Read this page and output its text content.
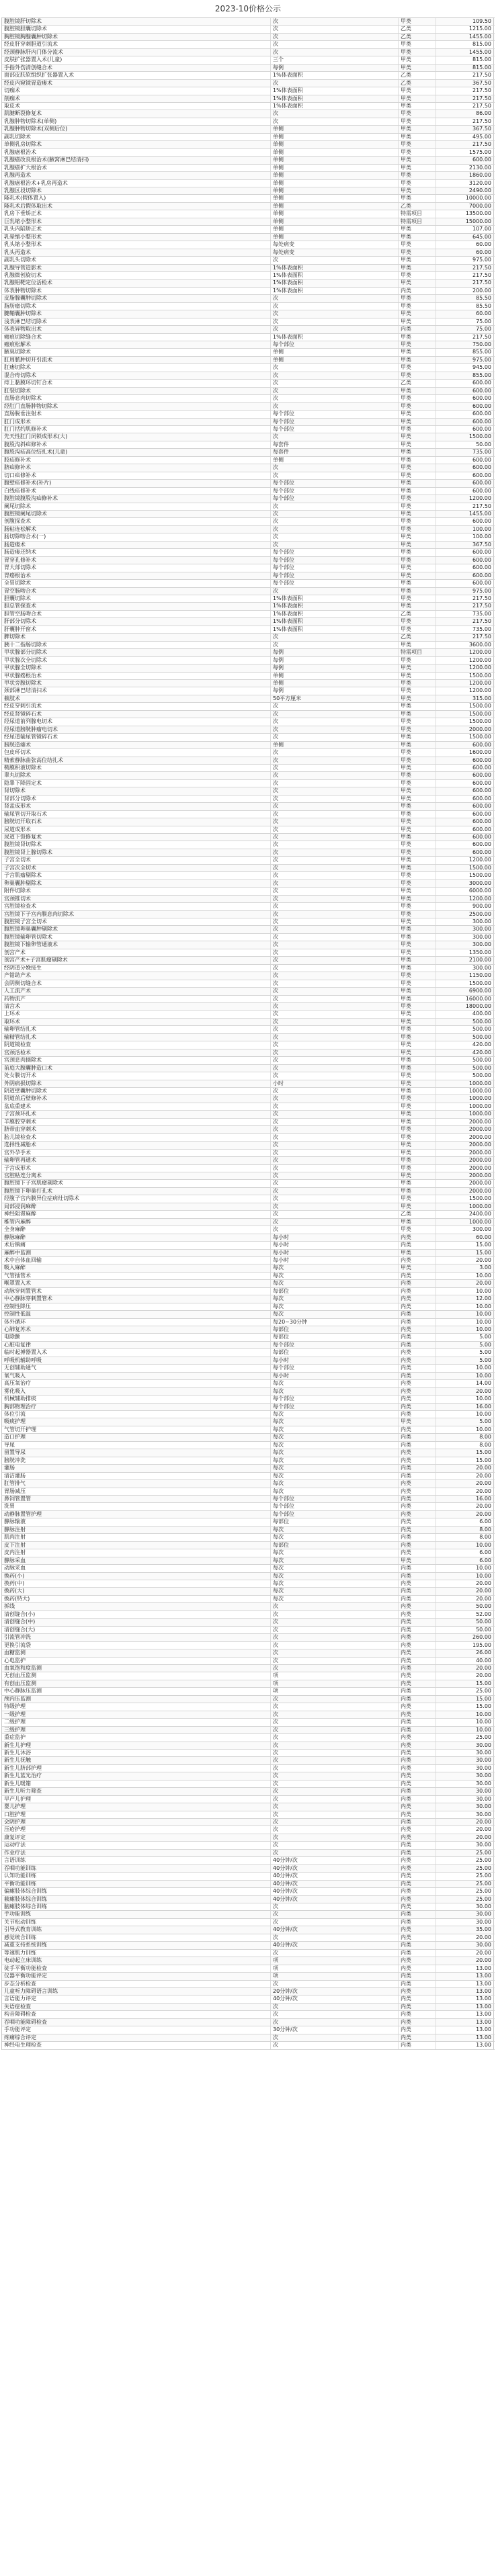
2023-10价格公示
腹腔镜肝切除术	次	甲类	109.50
腹腔镜胆囊切除术	次	乙类	1215.00
胸腔镜胸腺囊肿切除术	次	乙类	1455.00
经皮肝穿刺胆道引流术	次	甲类	815.00
经颈静脉肝内门体分流术	次	甲类	1455.00
皮肤扩张器置入术(儿童)	三个	甲类	815.00
手指外伤清创缝合术	每例	甲类	815.00
面部皮肤软组织扩张器置入术	1%体表面积	乙类	217.50
经皮内窥镜胃造瘘术	次	乙类	367.50
切痂术	1%体表面积	甲类	217.50
削痂术	1%体表面积	甲类	217.50
取皮术	1%体表面积	甲类	217.50
肌腱断裂修复术	次	甲类	86.00
乳腺肿物切除术(单侧)	次	甲类	217.50
乳腺肿物切除术(双侧后位)	单侧	甲类	367.50
副乳切除术	单侧	甲类	495.00
单侧乳房切除术	单侧	甲类	217.50
乳腺癌根治术	单侧	甲类	1575.00
乳腺癌改良根治术(腋窝淋巴结清扫)	单侧	甲类	600.00
乳腺癌扩大根治术	单侧	甲类	2130.00
乳腺再造术	单侧	甲类	1860.00
乳腺癌根治术+乳房再造术	单侧	甲类	3120.00
乳腺区段切除术	单侧	甲类	2490.00
隆乳术(假体置入)	单侧	甲类	10000.00
隆乳术后假体取出术	单侧	乙类	7000.00
乳房下垂矫正术	单侧	特需项目	13500.00
巨乳缩小整形术	单侧	特需项目	15000.00
乳头内陷矫正术	单侧	甲类	107.00
乳晕缩小整形术	单侧	甲类	645.00
乳头缩小整形术	每处病变	甲类	60.00
乳头再造术	每处病变	甲类	60.00
副乳头切除术	次	甲类	975.00
乳腺导管造影术	1%体表面积	甲类	217.50
乳腺微创旋切术	1%体表面积	甲类	217.50
乳腺钼靶定位活检术	1%体表面积	甲类	217.50
体表肿物切除术	1%体表面积	内类	200.00
皮脂腺囊肿切除术	次	甲类	85.50
脂肪瘤切除术	次	甲类	85.50
腱鞘囊肿切除术	次	甲类	60.00
浅表淋巴结切除术	次	甲类	75.00
体表异物取出术	次	内类	75.00
瘢痕切除缝合术	1%体表面积	甲类	217.50
瘢痕松解术	每个部位	甲类	750.00
腋臭切除术	单侧	甲类	855.00
肛周脓肿切开引流术	单侧	甲类	975.00
肛瘘切除术	次	甲类	945.00
混合痔切除术	次	甲类	855.00
痔上黏膜环切钉合术	次	乙类	600.00
肛裂切除术	次	甲类	600.00
直肠息肉切除术	次	甲类	600.00
经肛门直肠肿物切除术	次	甲类	600.00
直肠脱垂注射术	每个部位	甲类	600.00
肛门成形术	每个部位	甲类	600.00
肛门括约肌修补术	每个部位	甲类	600.00
先天性肛门闭锁成形术(大)	次	甲类	1500.00
腹股沟斜疝修补术	每套件	甲类	50.00
腹股沟疝高位结扎术(儿童)	每套件	甲类	735.00
股疝修补术	单侧	甲类	600.00
脐疝修补术	次	甲类	600.00
切口疝修补术	次	甲类	600.00
腹壁疝修补术(补片)	每个部位	甲类	600.00
白线疝修补术	每个部位	甲类	600.00
腹腔镜腹股沟疝修补术	每个部位	甲类	1200.00
阑尾切除术	次	甲类	217.50
腹腔镜阑尾切除术	次	甲类	1455.00
剖腹探查术	次	甲类	600.00
肠粘连松解术	次	甲类	100.00
肠切除吻合术(一)	次	甲类	100.00
肠造瘘术	次	甲类	367.50
肠造瘘还纳术	每个部位	甲类	600.00
胃穿孔修补术	每个部位	甲类	600.00
胃大部切除术	每个部位	甲类	600.00
胃癌根治术	每个部位	甲类	600.00
全胃切除术	每个部位	甲类	600.00
胃空肠吻合术	次	甲类	975.00
胆囊切除术	1%体表面积	甲类	217.50
胆总管探查术	1%体表面积	甲类	217.50
胆管空肠吻合术	1%体表面积	乙类	735.00
肝部分切除术	1%体表面积	甲类	217.50
肝囊肿开窗术	1%体表面积	甲类	735.00
脾切除术	次	乙类	217.50
胰十二指肠切除术	次	甲类	3600.00
甲状腺部分切除术	每例	特需项目	1200.00
甲状腺次全切除术	每例	甲类	1200.00
甲状腺全切除术	每例	甲类	1200.00
甲状腺癌根治术	单侧	甲类	1500.00
甲状旁腺切除术	单侧	甲类	1200.00
颈部淋巴结清扫术	每例	甲类	1200.00
截肢术	50平方厘米	甲类	315.00
经皮穿刺引流术	次	甲类	1500.00
经皮肾镜碎石术	次	甲类	1500.00
经尿道前列腺电切术	次	甲类	1500.00
经尿道膀胱肿瘤电切术	次	甲类	2000.00
经尿道输尿管镜碎石术	次	甲类	1500.00
膀胱造瘘术	单侧	甲类	600.00
包皮环切术	次	甲类	1600.00
精索静脉曲张高位结扎术	次	甲类	600.00
鞘膜积液切除术	次	甲类	600.00
睾丸切除术	次	甲类	600.00
隐睾下降固定术	次	甲类	600.00
肾切除术	次	甲类	600.00
肾部分切除术	次	甲类	600.00
肾盂成形术	次	甲类	600.00
输尿管切开取石术	次	甲类	600.00
膀胱切开取石术	次	甲类	600.00
尿道成形术	次	甲类	600.00
尿道下裂修复术	次	甲类	600.00
腹腔镜肾切除术	次	甲类	600.00
腹腔镜肾上腺切除术	次	甲类	600.00
子宫全切术	次	甲类	1200.00
子宫次全切术	次	甲类	1500.00
子宫肌瘤剔除术	次	甲类	1500.00
卵巢囊肿剔除术	次	甲类	3000.00
附件切除术	次	甲类	6000.00
宫颈锥切术	次	甲类	1200.00
宫腔镜检查术	次	甲类	900.00
宫腔镜下子宫内膜息肉切除术	次	甲类	2500.00
腹腔镜子宫全切术	次	甲类	300.00
腹腔镜卵巢囊肿剔除术	次	甲类	300.00
腹腔镜输卵管切除术	次	甲类	300.00
腹腔镜下输卵管通液术	次	甲类	300.00
剖宫产术	次	甲类	1350.00
剖宫产术+子宫肌瘤剔除术	次	甲类	2100.00
经阴道分娩接生	次	甲类	300.00
产钳助产术	次	甲类	1150.00
会阴侧切缝合术	次	甲类	1500.00
人工流产术	次	甲类	6900.00
药物流产	次	甲类	16000.00
清宫术	次	甲类	18000.00
上环术	次	甲类	400.00
取环术	次	甲类	500.00
输卵管结扎术	次	甲类	500.00
输精管结扎术	次	甲类	500.00
阴道镜检查	次	甲类	420.00
宫颈活检术	次	甲类	420.00
宫颈息肉摘除术	次	甲类	500.00
前庭大腺囊肿造口术	次	甲类	500.00
处女膜切开术	次	甲类	500.00
外阴病损切除术	小时	甲类	1000.00
阴道壁囊肿切除术	次	甲类	1000.00
阴道前后壁修补术	次	甲类	1000.00
盆底重建术	次	甲类	1000.00
子宫颈环扎术	次	甲类	1000.00
羊膜腔穿刺术	次	甲类	2000.00
脐带血穿刺术	次	甲类	2000.00
胎儿镜检查术	次	甲类	2000.00
选择性减胎术	次	甲类	2000.00
宫外孕手术	次	甲类	2000.00
输卵管再通术	次	甲类	2000.00
子宫成形术	次	甲类	2000.00
宫腔粘连分离术	次	甲类	2000.00
腹腔镜下子宫肌瘤剔除术	次	甲类	2000.00
腹腔镜下卵巢打孔术	次	甲类	2000.00
经腹子宫内膜异位症病灶切除术	次	甲类	1500.00
局部浸润麻醉	次	甲类	1000.00
神经阻滞麻醉	次	乙类	2400.00
椎管内麻醉	次	甲类	1000.00
全身麻醉	次	甲类	300.00
静脉麻醉	每小时	内类	60.00
术后镇痛	每小时	内类	15.00
麻醉中监测	每小时	甲类	15.00
术中自体血回输	每小时	内类	20.00
吸入麻醉	每次	甲类	3.00
气管插管术	每次	内类	10.00
喉罩置入术	每次	内类	20.00
动脉穿刺置管术	每部位	内类	10.00
中心静脉穿刺置管术	每次	内类	12.00
控制性降压	每次	内类	10.00
控制性低温	每次	内类	10.00
体外循环	每20~30分钟	内类	10.00
心肺复苏术	每部位	内类	10.00
电除颤	每部位	内类	5.00
心脏电复律	每个部位	内类	5.00
临时起搏器置入术	每部位	内类	5.00
呼吸机辅助呼吸	每小时	内类	5.00
无创辅助通气	每个部位	内类	10.00
氧气吸入	每小时	内类	10.00
高压氧治疗	每次	内类	14.00
雾化吸入	每次	内类	20.00
机械辅助排痰	每个部位	内类	10.00
胸部物理治疗	每个部位	内类	16.00
体位引流	每次	内类	10.00
吸痰护理	每次	甲类	5.00
气管切开护理	每次	内类	10.00
造口护理	每次	内类	8.00
导尿	每次	内类	8.00
留置导尿	每次	内类	15.00
膀胱冲洗	每次	内类	15.00
灌肠	每次	内类	20.00
清洁灌肠	每次	内类	20.00
肛管排气	每次	内类	20.00
胃肠减压	每次	内类	20.00
鼻饲管置管	每个部位	内类	16.00
洗胃	每个部位	内类	20.00
动静脉置管护理	每个部位	内类	20.00
静脉输液	每部位	内类	6.00
静脉注射	每次	内类	8.00
肌肉注射	每次	内类	8.00
皮下注射	每部位	内类	10.00
皮内注射	每次	内类	6.00
静脉采血	每次	甲类	6.00
动脉采血	每次	内类	10.00
换药(小)	每次	内类	10.00
换药(中)	每次	内类	20.00
换药(大)	每次	内类	20.00
换药(特大)	每次	内类	20.00
拆线	次	内类	50.00
清创缝合(小)	次	内类	52.00
清创缝合(中)	次	内类	50.00
清创缝合(大)	次	内类	50.00
引流管冲洗	次	内类	260.00
更换引流袋	次	内类	195.00
血糖监测	次	内类	26.00
心电监护	次	内类	40.00
血氧饱和度监测	次	内类	20.00
无创血压监测	项	内类	20.00
有创血压监测	项	内类	15.00
中心静脉压监测	项	内类	25.00
颅内压监测	次	内类	15.00
特级护理	次	内类	15.00
一级护理	次	内类	10.00
二级护理	次	内类	10.00
三级护理	次	内类	10.00
重症监护	次	内类	25.00
新生儿护理	次	内类	30.00
新生儿沐浴	次	内类	30.00
新生儿抚触	次	内类	30.00
新生儿脐部护理	次	内类	30.00
新生儿蓝光治疗	次	内类	30.00
新生儿暖箱	次	内类	30.00
新生儿听力筛查	次	内类	30.00
早产儿护理	次	内类	30.00
婴儿护理	次	内类	30.00
口腔护理	次	内类	30.00
会阴护理	次	内类	20.00
压疮护理	次	内类	20.00
康复评定	次	内类	20.00
运动疗法	次	内类	30.00
作业疗法	次	内类	25.00
言语训练	40分钟/次	内类	25.00
吞咽功能训练	40分钟/次	内类	25.00
认知功能训练	40分钟/次	内类	25.00
平衡功能训练	40分钟/次	内类	25.00
偏瘫肢体综合训练	40分钟/次	内类	25.00
截瘫肢体综合训练	40分钟/次	内类	25.00
脑瘫肢体综合训练	次	内类	30.00
手功能训练	次	内类	30.00
关节松动训练	次	内类	30.00
引导式教育训练	40分钟/次	内类	35.00
感觉统合训练	次	内类	20.00
减重支持系统训练	40分钟/次	内类	30.00
等速肌力训练	次	内类	20.00
电动起立床训练	项	内类	20.00
徒手平衡功能检查	项	内类	13.00
仪器平衡功能评定	项	内类	13.00
步态分析检查	次	内类	13.00
儿童听力障碍语言训练	20分钟/次	内类	13.00
言语能力评定	40分钟/次	内类	13.00
失语症检查	次	内类	13.00
构音障碍检查	次	内类	13.00
吞咽功能障碍检查	次	内类	13.00
手功能评定	30分钟/次	内类	13.00
疼痛综合评定	次	内类	13.00
神经电生理检查	次	内类	13.00
